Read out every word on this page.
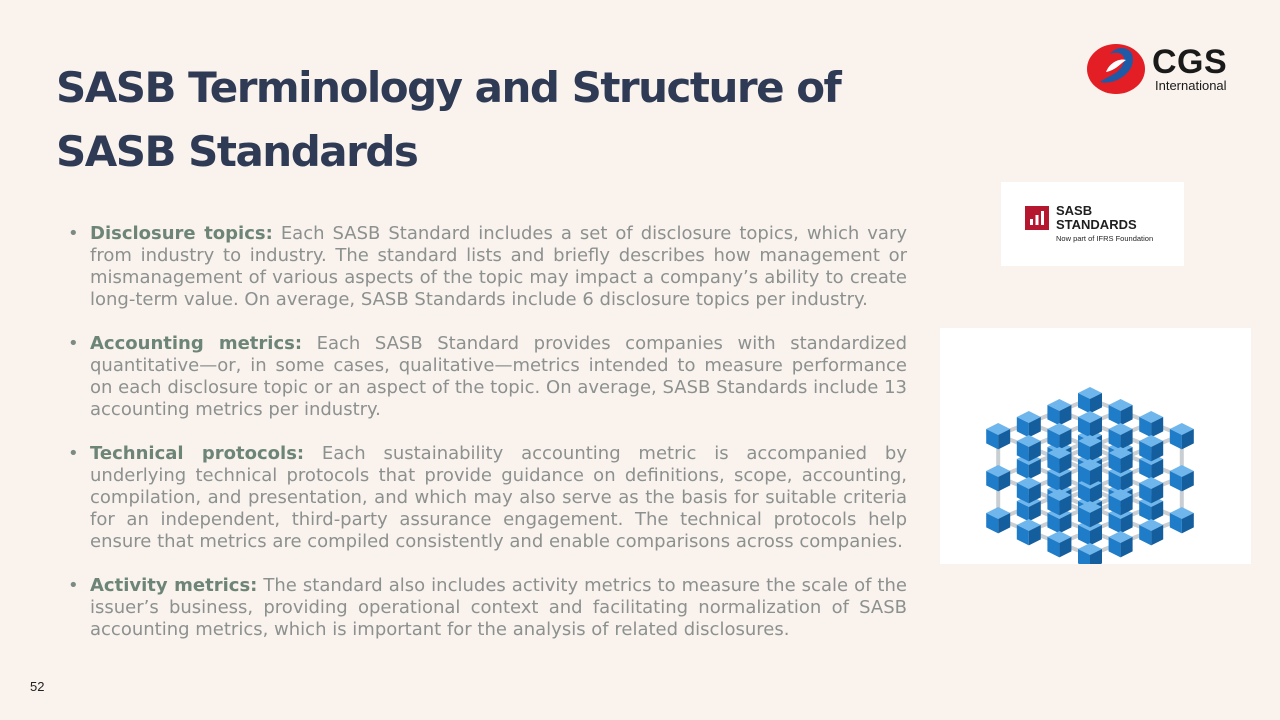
SASB Terminology and Structure of SASB Standards
CGS
International
SASB
STANDARDS
Now part of IFRS Foundation
• Disclosure topics: Each SASB Standard includes a set of disclosure topics, which vary from industry to industry. The standard lists and briefly describes how management or mismanagement of various aspects of the topic may impact a company’s ability to create long-term value. On average, SASB Standards include 6 disclosure topics per industry.
• Accounting metrics: Each SASB Standard provides companies with standardized quantitative—or, in some cases, qualitative—metrics intended to measure performance on each disclosure topic or an aspect of the topic. On average, SASB Standards include 13 accounting metrics per industry.
• Technical protocols: Each sustainability accounting metric is accompanied by underlying technical protocols that provide guidance on definitions, scope, accounting, compilation, and presentation, and which may also serve as the basis for suitable criteria for an independent, third-party assurance engagement. The technical protocols help ensure that metrics are compiled consistently and enable comparisons across companies.
• Activity metrics: The standard also includes activity metrics to measure the scale of the issuer’s business, providing operational context and facilitating normalization of SASB accounting metrics, which is important for the analysis of related disclosures.
52
